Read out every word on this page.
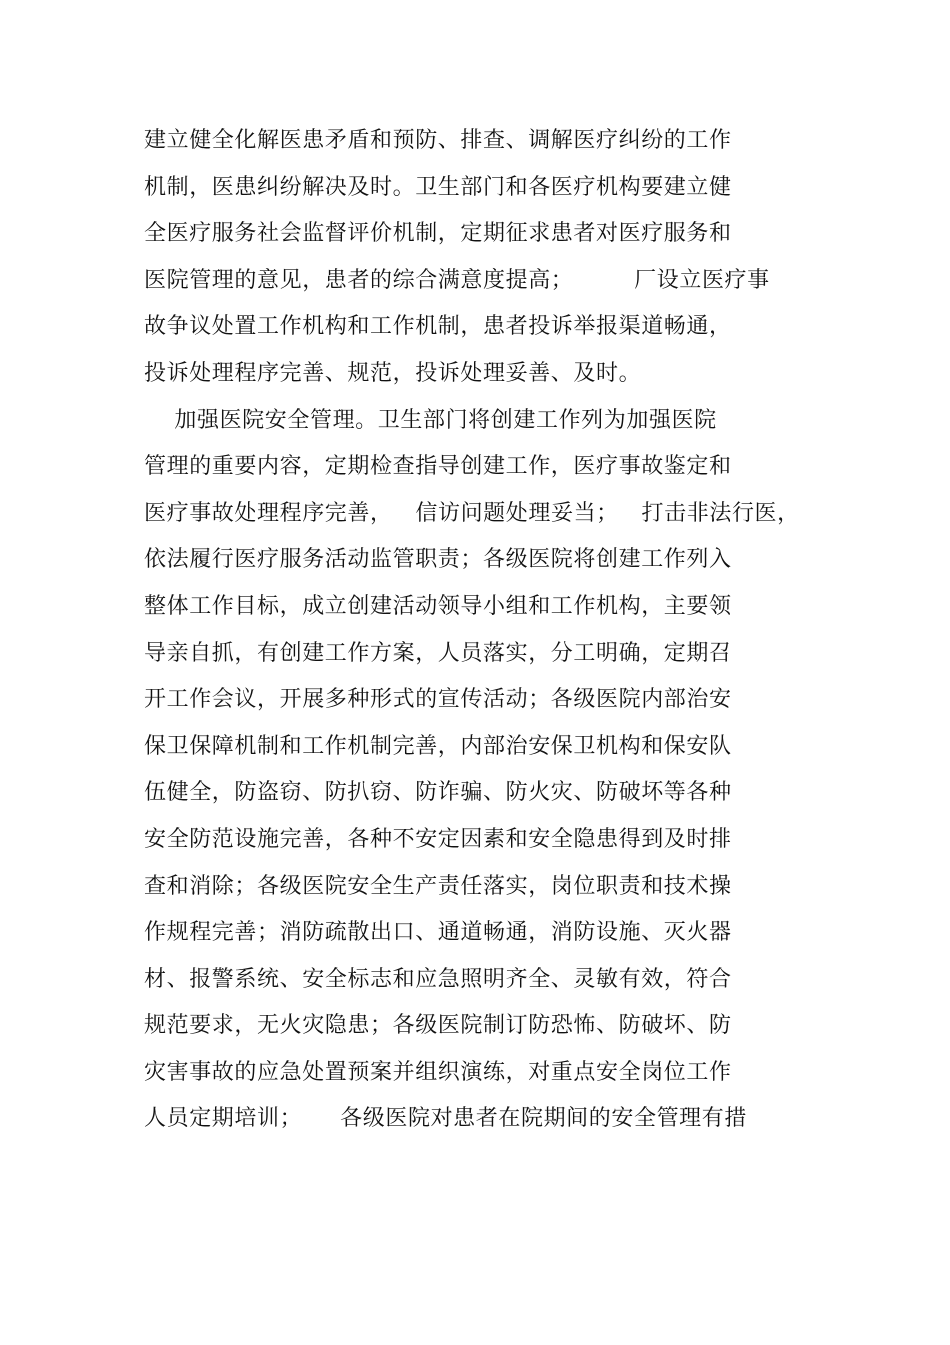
建立健全化解医患矛盾和预防、排查、调解医疗纠纷的工作
机制，医患纠纷解决及时。卫生部门和各医疗机构要建立健
全医疗服务社会监督评价机制，定期征求患者对医疗服务和
医院管理的意见，患者的综合满意度提高；        厂设立医疗事
故争议处置工作机构和工作机制，患者投诉举报渠道畅通，
投诉处理程序完善、规范，投诉处理妥善、及时。
加强医院安全管理。卫生部门将创建工作列为加强医院
管理的重要内容，定期检查指导创建工作，医疗事故鉴定和
医疗事故处理程序完善，   信访问题处理妥当；   打击非法行医，
依法履行医疗服务活动监管职责；各级医院将创建工作列入
整体工作目标，成立创建活动领导小组和工作机构，主要领
导亲自抓，有创建工作方案，人员落实，分工明确，定期召
开工作会议，开展多种形式的宣传活动；各级医院内部治安
保卫保障机制和工作机制完善，内部治安保卫机构和保安队
伍健全，防盗窃、防扒窃、防诈骗、防火灾、防破坏等各种
安全防范设施完善，各种不安定因素和安全隐患得到及时排
查和消除；各级医院安全生产责任落实，岗位职责和技术操
作规程完善；消防疏散出口、通道畅通，消防设施、灭火器
材、报警系统、安全标志和应急照明齐全、灵敏有效，符合
规范要求，无火灾隐患；各级医院制订防恐怖、防破坏、防
灾害事故的应急处置预案并组织演练，对重点安全岗位工作
人员定期培训；     各级医院对患者在院期间的安全管理有措
